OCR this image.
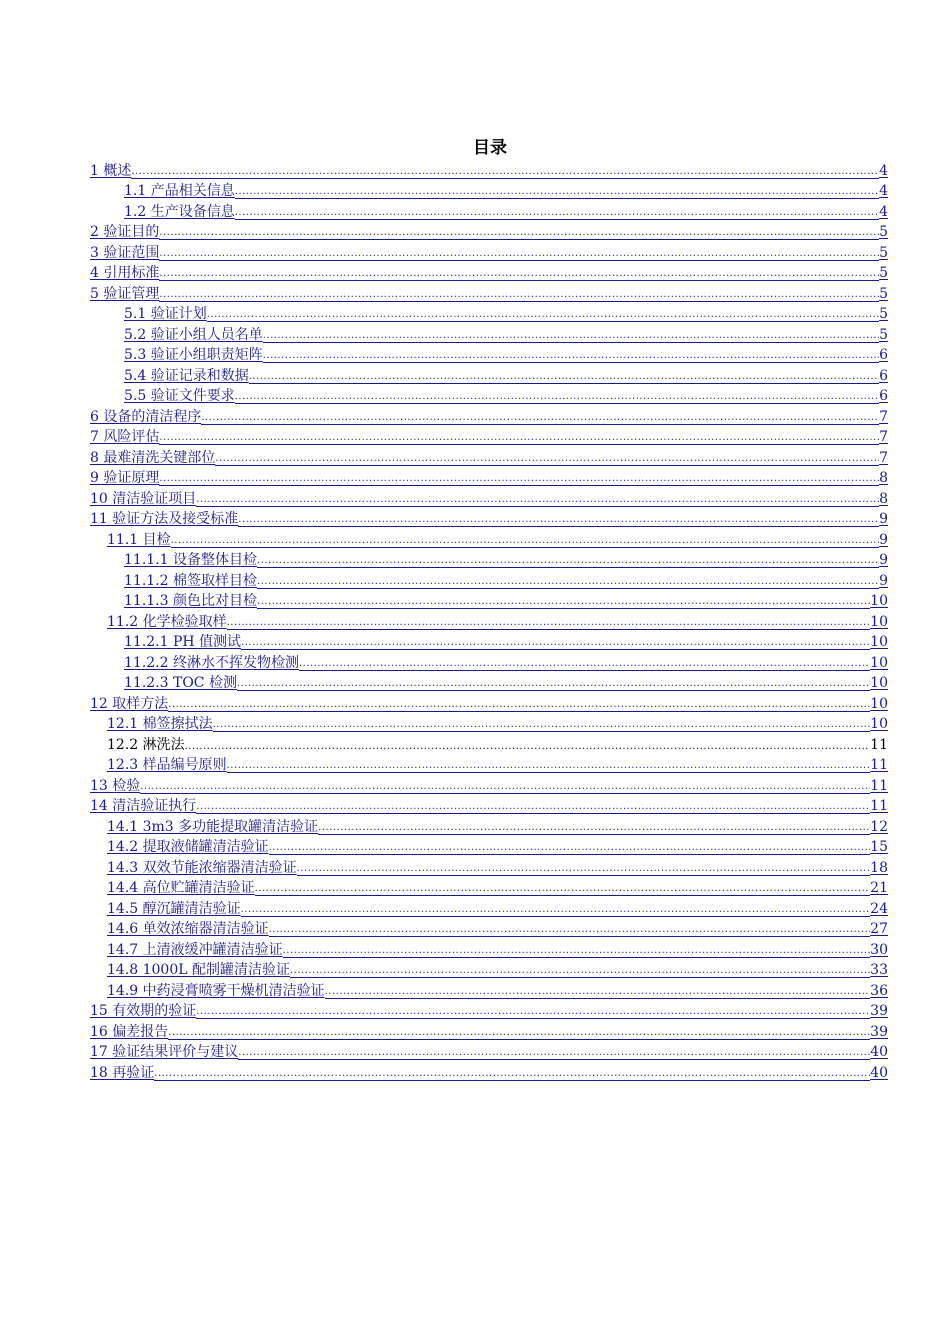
目录
1 概述 .....	4
1.1 产品相关信息 .....	4
1.2 生产设备信息 .....	4
2 验证目的 .....	5
3 验证范围 .....	5
4 引用标准 .....	5
5 验证管理 .....	5
5.1 验证计划 .....	5
5.2 验证小组人员名单 .....	5
5.3 验证小组职责矩阵 .....	6
5.4 验证记录和数据 .....	6
5.5 验证文件要求 .....	6
6 设备的清洁程序 .....	7
7 风险评估 .....	7
8 最难清洗关键部位 .....	7
9 验证原理 .....	8
10 清洁验证项目 .....	8
11 验证方法及接受标准 .....	9
11.1 目检 .....	9
11.1.1 设备整体目检 .....	9
11.1.2 棉签取样目检 .....	9
11.1.3 颜色比对目检 .....	10
11.2 化学检验取样 .....	10
11.2.1 PH 值测试 .....	10
11.2.2 终淋水不挥发物检测 .....	10
11.2.3 TOC 检测 .....	10
12 取样方法 .....	10
12.1 棉签擦拭法 .....	10
12.2 淋洗法 .....	11
12.3 样品编号原则 .....	11
13 检验 .....	11
14 清洁验证执行 .....	11
14.1 3m3 多功能提取罐清洁验证 .....	12
14.2 提取液储罐清洁验证 .....	15
14.3 双效节能浓缩器清洁验证 .....	18
14.4 高位贮罐清洁验证 .....	21
14.5 醇沉罐清洁验证 .....	24
14.6 单效浓缩器清洁验证 .....	27
14.7 上清液缓冲罐清洁验证 .....	30
14.8 1000L 配制罐清洁验证 .....	33
14.9 中药浸膏喷雾干燥机清洁验证 .....	36
15 有效期的验证 .....	39
16 偏差报告 .....	39
17 验证结果评价与建议 .....	40
18 再验证 .....	40
